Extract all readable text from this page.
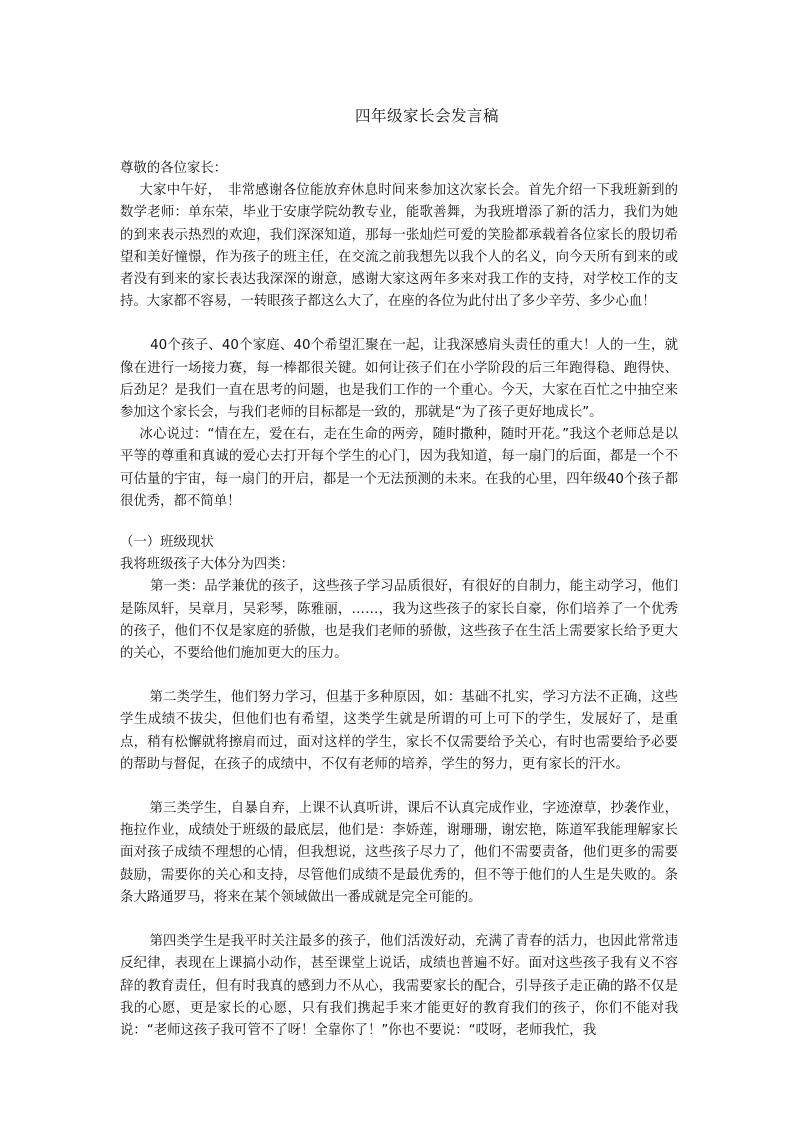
四年级家长会发言稿

尊敬的各位家长：

大家中午好，　非常感谢各位能放弃休息时间来参加这次家长会。首先介绍一下我班新到的数学老师：单东荣，毕业于安康学院幼教专业，能歌善舞，为我班增添了新的活力，我们为她的到来表示热烈的欢迎，我们深深知道，那每一张灿烂可爱的笑脸都承载着各位家长的殷切希望和美好憧憬，作为孩子的班主任，在交流之前我想先以我个人的名义，向今天所有到来的或者没有到来的家长表达我深深的谢意，感谢大家这两年多来对我工作的支持，对学校工作的支持。大家都不容易，一转眼孩子都这么大了，在座的各位为此付出了多少辛劳、多少心血！

40个孩子、40个家庭、40个希望汇聚在一起，让我深感肩头责任的重大！人的一生，就像在进行一场接力赛，每一棒都很关键。如何让孩子们在小学阶段的后三年跑得稳、跑得快、后劲足？是我们一直在思考的问题，也是我们工作的一个重心。今天，大家在百忙之中抽空来参加这个家长会，与我们老师的目标都是一致的，那就是“为了孩子更好地成长”。

冰心说过：“情在左，爱在右，走在生命的两旁，随时撒种，随时开花。”我这个老师总是以平等的尊重和真诚的爱心去打开每个学生的心门，因为我知道，每一扇门的后面，都是一个不可估量的宇宙，每一扇门的开启，都是一个无法预测的未来。在我的心里，四年级40个孩子都很优秀，都不简单！

（一）班级现状

我将班级孩子大体分为四类：

第一类：品学兼优的孩子，这些孩子学习品质很好，有很好的自制力，能主动学习，他们是陈凤轩，吴章月，吴彩琴，陈雅丽，……，我为这些孩子的家长自豪，你们培养了一个优秀的孩子，他们不仅是家庭的骄傲，也是我们老师的骄傲，这些孩子在生活上需要家长给予更大的关心，不要给他们施加更大的压力。

第二类学生，他们努力学习，但基于多种原因，如：基础不扎实，学习方法不正确，这些学生成绩不拔尖，但他们也有希望，这类学生就是所谓的可上可下的学生，发展好了，是重点，稍有松懈就将擦肩而过，面对这样的学生，家长不仅需要给予关心，有时也需要给予必要的帮助与督促，在孩子的成绩中，不仅有老师的培养，学生的努力，更有家长的汗水。

第三类学生，自暴自弃，上课不认真听讲，课后不认真完成作业，字迹潦草，抄袭作业，拖拉作业，成绩处于班级的最底层，他们是：李娇莲，谢珊珊，谢宏艳，陈道军我能理解家长面对孩子成绩不理想的心情，但我想说，这些孩子尽力了，他们不需要责备，他们更多的需要鼓励，需要你的关心和支持，尽管他们成绩不是最优秀的，但不等于他们的人生是失败的。条条大路通罗马，将来在某个领域做出一番成就是完全可能的。

第四类学生是我平时关注最多的孩子，他们活泼好动，充满了青春的活力，也因此常常违反纪律，表现在上课搞小动作，甚至课堂上说话，成绩也普遍不好。面对这些孩子我有义不容辞的教育责任，但有时我真的感到力不从心，我需要家长的配合，引导孩子走正确的路不仅是我的心愿，更是家长的心愿，只有我们携起手来才能更好的教育我们的孩子，你们不能对我说：“老师这孩子我可管不了呀！全靠你了！”你也不要说：“哎呀，老师我忙，我
